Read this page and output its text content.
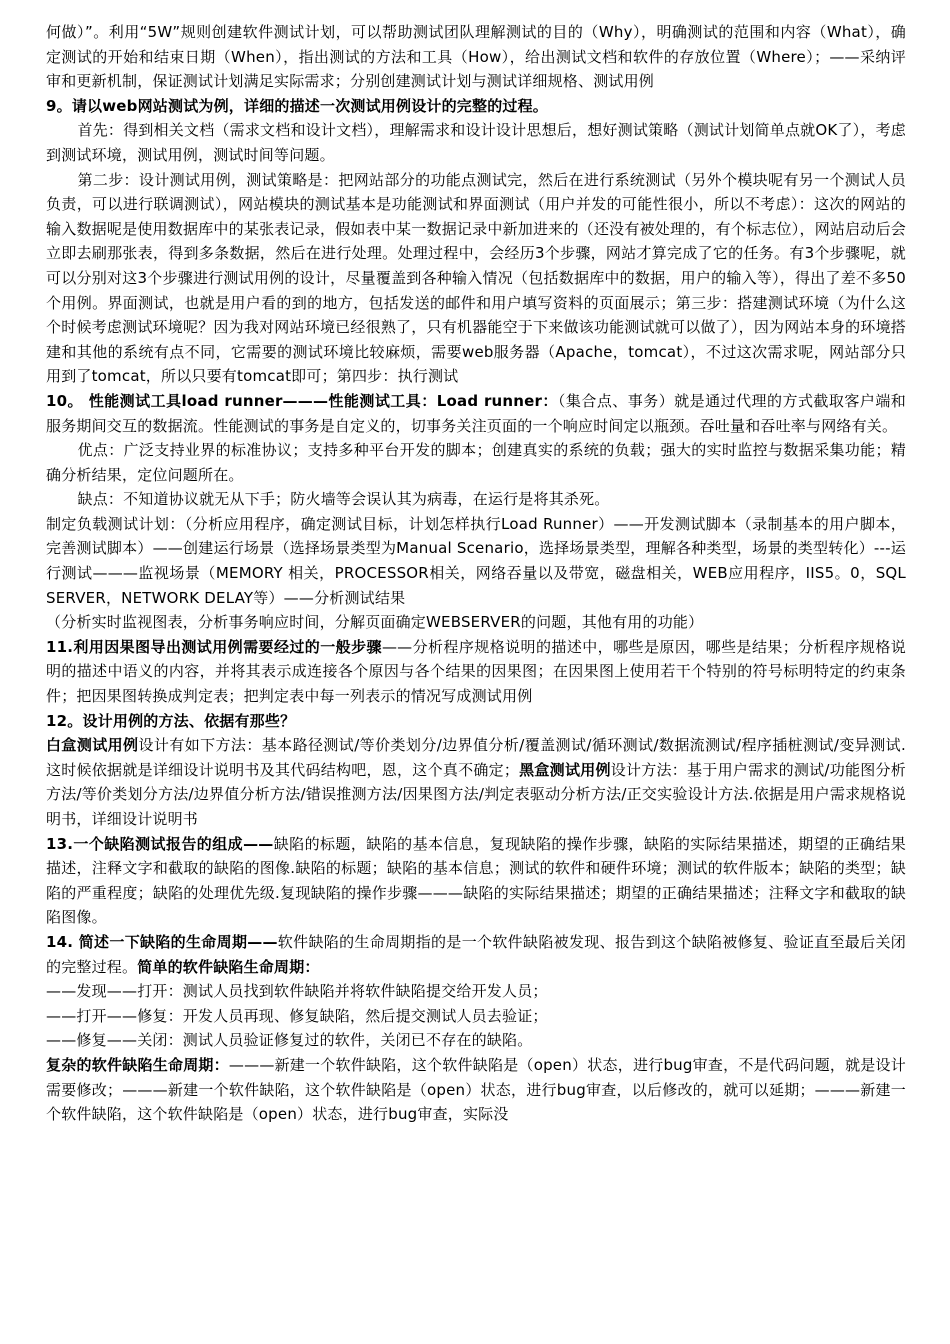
何做）”。利用“5W”规则创建软件测试计划，可以帮助测试团队理解测试的目的（Why），明确测试的范围和内容（What），确定测试的开始和结束日期（When），指出测试的方法和工具（How），给出测试文档和软件的存放位置（Where）；——采纳评审和更新机制，保证测试计划满足实际需求；分别创建测试计划与测试详细规格、测试用例

9。请以web网站测试为例，详细的描述一次测试用例设计的完整的过程。

首先：得到相关文档（需求文档和设计文档），理解需求和设计设计思想后，想好测试策略（测试计划简单点就OK了），考虑到测试环境，测试用例，测试时间等问题。

第二步：设计测试用例，测试策略是：把网站部分的功能点测试完，然后在进行系统测试（另外个模块呢有另一个测试人员负责，可以进行联调测试），网站模块的测试基本是功能测试和界面测试（用户并发的可能性很小，所以不考虑）：这次的网站的输入数据呢是使用数据库中的某张表记录，假如表中某一数据记录中新加进来的（还没有被处理的，有个标志位），网站启动后会立即去刷那张表，得到多条数据，然后在进行处理。处理过程中，会经历3个步骤，网站才算完成了它的任务。有3个步骤呢，就可以分别对这3个步骤进行测试用例的设计，尽量覆盖到各种输入情况（包括数据库中的数据，用户的输入等），得出了差不多50个用例。界面测试，也就是用户看的到的地方，包括发送的邮件和用户填写资料的页面展示；第三步：搭建测试环境（为什么这个时候考虑测试环境呢？因为我对网站环境已经很熟了，只有机器能空于下来做该功能测试就可以做了），因为网站本身的环境搭建和其他的系统有点不同，它需要的测试环境比较麻烦，需要web服务器（Apache，tomcat），不过这次需求呢，网站部分只用到了tomcat，所以只要有tomcat即可；第四步：执行测试

10。 性能测试工具load runner———性能测试工具：Load runner：（集合点、事务）就是通过代理的方式截取客户端和服务期间交互的数据流。性能测试的事务是自定义的，切事务关注页面的一个响应时间定以瓶颈。吞吐量和吞吐率与网络有关。

优点：广泛支持业界的标准协议；支持多种平台开发的脚本；创建真实的系统的负载；强大的实时监控与数据采集功能；精确分析结果，定位问题所在。

缺点：不知道协议就无从下手；防火墙等会误认其为病毒，在运行是将其杀死。

制定负载测试计划：（分析应用程序，确定测试目标，计划怎样执行Load Runner）——开发测试脚本（录制基本的用户脚本，完善测试脚本）——创建运行场景（选择场景类型为Manual Scenario，选择场景类型，理解各种类型，场景的类型转化）---运行测试———监视场景（MEMORY 相关，PROCESSOR相关，网络吞量以及带宽，磁盘相关，WEB应用程序，IIS5。0，SQL SERVER，NETWORK DELAY等）——分析测试结果

（分析实时监视图表，分析事务响应时间，分解页面确定WEBSERVER的问题，其他有用的功能）

11.利用因果图导出测试用例需要经过的一般步骤——分析程序规格说明的描述中，哪些是原因，哪些是结果；分析程序规格说明的描述中语义的内容，并将其表示成连接各个原因与各个结果的因果图；在因果图上使用若干个特别的符号标明特定的约束条件；把因果图转换成判定表；把判定表中每一列表示的情况写成测试用例

12。设计用例的方法、依据有那些？

白盒测试用例设计有如下方法：基本路径测试/等价类划分/边界值分析/覆盖测试/循环测试/数据流测试/程序插桩测试/变异测试.这时候依据就是详细设计说明书及其代码结构吧，恩，这个真不确定；黑盒测试用例设计方法：基于用户需求的测试/功能图分析方法/等价类划分方法/边界值分析方法/错误推测方法/因果图方法/判定表驱动分析方法/正交实验设计方法.依据是用户需求规格说明书，详细设计说明书

13.一个缺陷测试报告的组成——缺陷的标题，缺陷的基本信息，复现缺陷的操作步骤，缺陷的实际结果描述，期望的正确结果描述，注释文字和截取的缺陷的图像.缺陷的标题；缺陷的基本信息；测试的软件和硬件环境；测试的软件版本；缺陷的类型；缺陷的严重程度；缺陷的处理优先级.复现缺陷的操作步骤———缺陷的实际结果描述；期望的正确结果描述；注释文字和截取的缺陷图像。

14. 简述一下缺陷的生命周期——软件缺陷的生命周期指的是一个软件缺陷被发现、报告到这个缺陷被修复、验证直至最后关闭的完整过程。简单的软件缺陷生命周期：

——发现——打开：测试人员找到软件缺陷并将软件缺陷提交给开发人员；

——打开——修复：开发人员再现、修复缺陷，然后提交测试人员去验证；

——修复——关闭：测试人员验证修复过的软件，关闭已不存在的缺陷。

复杂的软件缺陷生命周期：———新建一个软件缺陷，这个软件缺陷是（open）状态，进行bug审查，不是代码问题，就是设计需要修改；———新建一个软件缺陷，这个软件缺陷是（open）状态，进行bug审查，以后修改的，就可以延期；———新建一个软件缺陷，这个软件缺陷是（open）状态，进行bug审查，实际没
